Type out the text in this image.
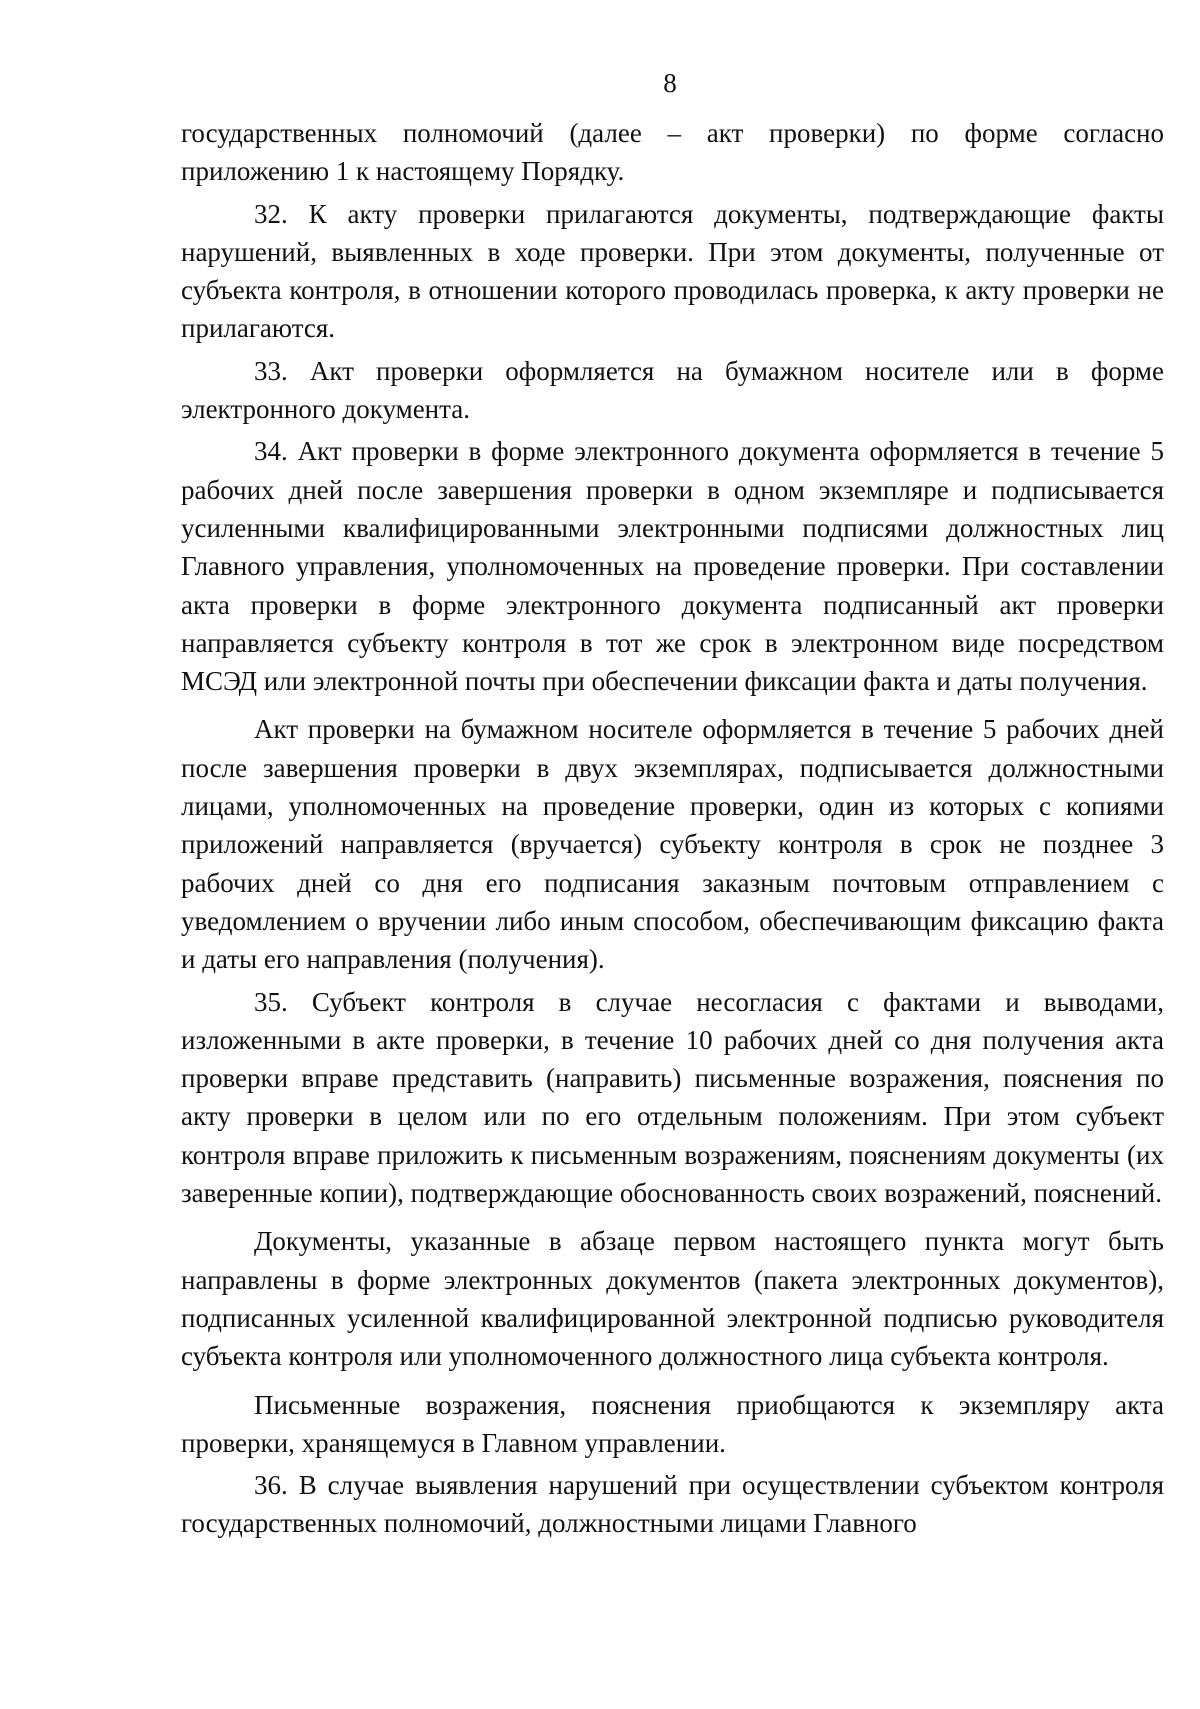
8

государственных полномочий (далее – акт проверки) по форме согласно приложению 1 к настоящему Порядку.

32. К акту проверки прилагаются документы, подтверждающие факты нарушений, выявленных в ходе проверки. При этом документы, полученные от субъекта контроля, в отношении которого проводилась проверка, к акту проверки не прилагаются.

33. Акт проверки оформляется на бумажном носителе или в форме электронного документа.

34. Акт проверки в форме электронного документа оформляется в течение 5 рабочих дней после завершения проверки в одном экземпляре и подписывается усиленными квалифицированными электронными подписями должностных лиц Главного управления, уполномоченных на проведение проверки. При составлении акта проверки в форме электронного документа подписанный акт проверки направляется субъекту контроля в тот же срок в электронном виде посредством МСЭД или электронной почты при обеспечении фиксации факта и даты получения.

Акт проверки на бумажном носителе оформляется в течение 5 рабочих дней после завершения проверки в двух экземплярах, подписывается должностными лицами, уполномоченных на проведение проверки, один из которых с копиями приложений направляется (вручается) субъекту контроля в срок не позднее 3 рабочих дней со дня его подписания заказным почтовым отправлением с уведомлением о вручении либо иным способом, обеспечивающим фиксацию факта и даты его направления (получения).

35. Субъект контроля в случае несогласия с фактами и выводами, изложенными в акте проверки, в течение 10 рабочих дней со дня получения акта проверки вправе представить (направить) письменные возражения, пояснения по акту проверки в целом или по его отдельным положениям. При этом субъект контроля вправе приложить к письменным возражениям, пояснениям документы (их заверенные копии), подтверждающие обоснованность своих возражений, пояснений.

Документы, указанные в абзаце первом настоящего пункта могут быть направлены в форме электронных документов (пакета электронных документов), подписанных усиленной квалифицированной электронной подписью руководителя субъекта контроля или уполномоченного должностного лица субъекта контроля.

Письменные возражения, пояснения приобщаются к экземпляру акта проверки, хранящемуся в Главном управлении.

36. В случае выявления нарушений при осуществлении субъектом контроля государственных полномочий, должностными лицами Главного
